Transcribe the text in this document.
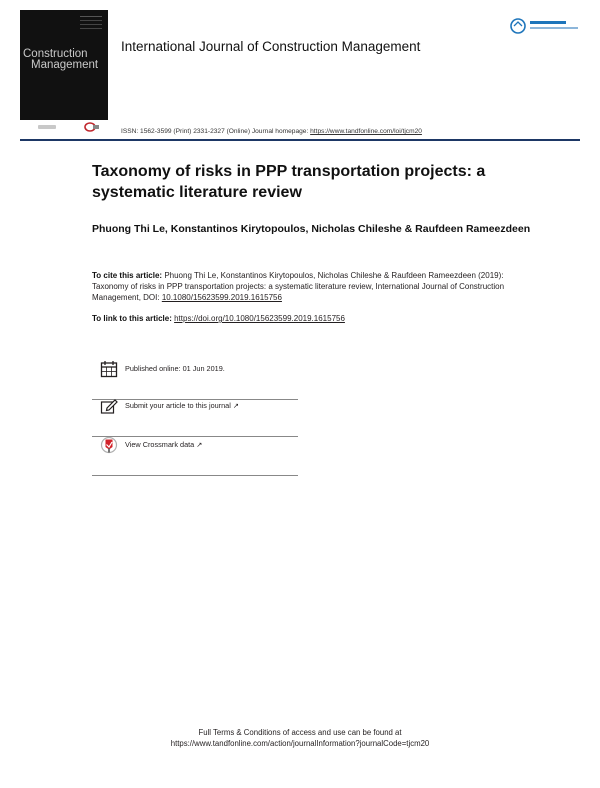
Construction
Management
International Journal of Construction Management
ISSN: 1562-3599 (Print) 2331-2327 (Online) Journal homepage: https://www.tandfonline.com/loi/tjcm20
Taxonomy of risks in PPP transportation projects: a systematic literature review

Phuong Thi Le, Konstantinos Kirytopoulos, Nicholas Chileshe & Raufdeen Rameezdeen

To cite this article: Phuong Thi Le, Konstantinos Kirytopoulos, Nicholas Chileshe & Raufdeen Rameezdeen (2019): Taxonomy of risks in PPP transportation projects: a systematic literature review, International Journal of Construction Management, DOI: 10.1080/15623599.2019.1615756

To link to this article: https://doi.org/10.1080/15623599.2019.1615756
Published online: 01 Jun 2019.
Submit your article to this journal ↗
View Crossmark data ↗
Full Terms & Conditions of access and use can be found at
https://www.tandfonline.com/action/journalInformation?journalCode=tjcm20
